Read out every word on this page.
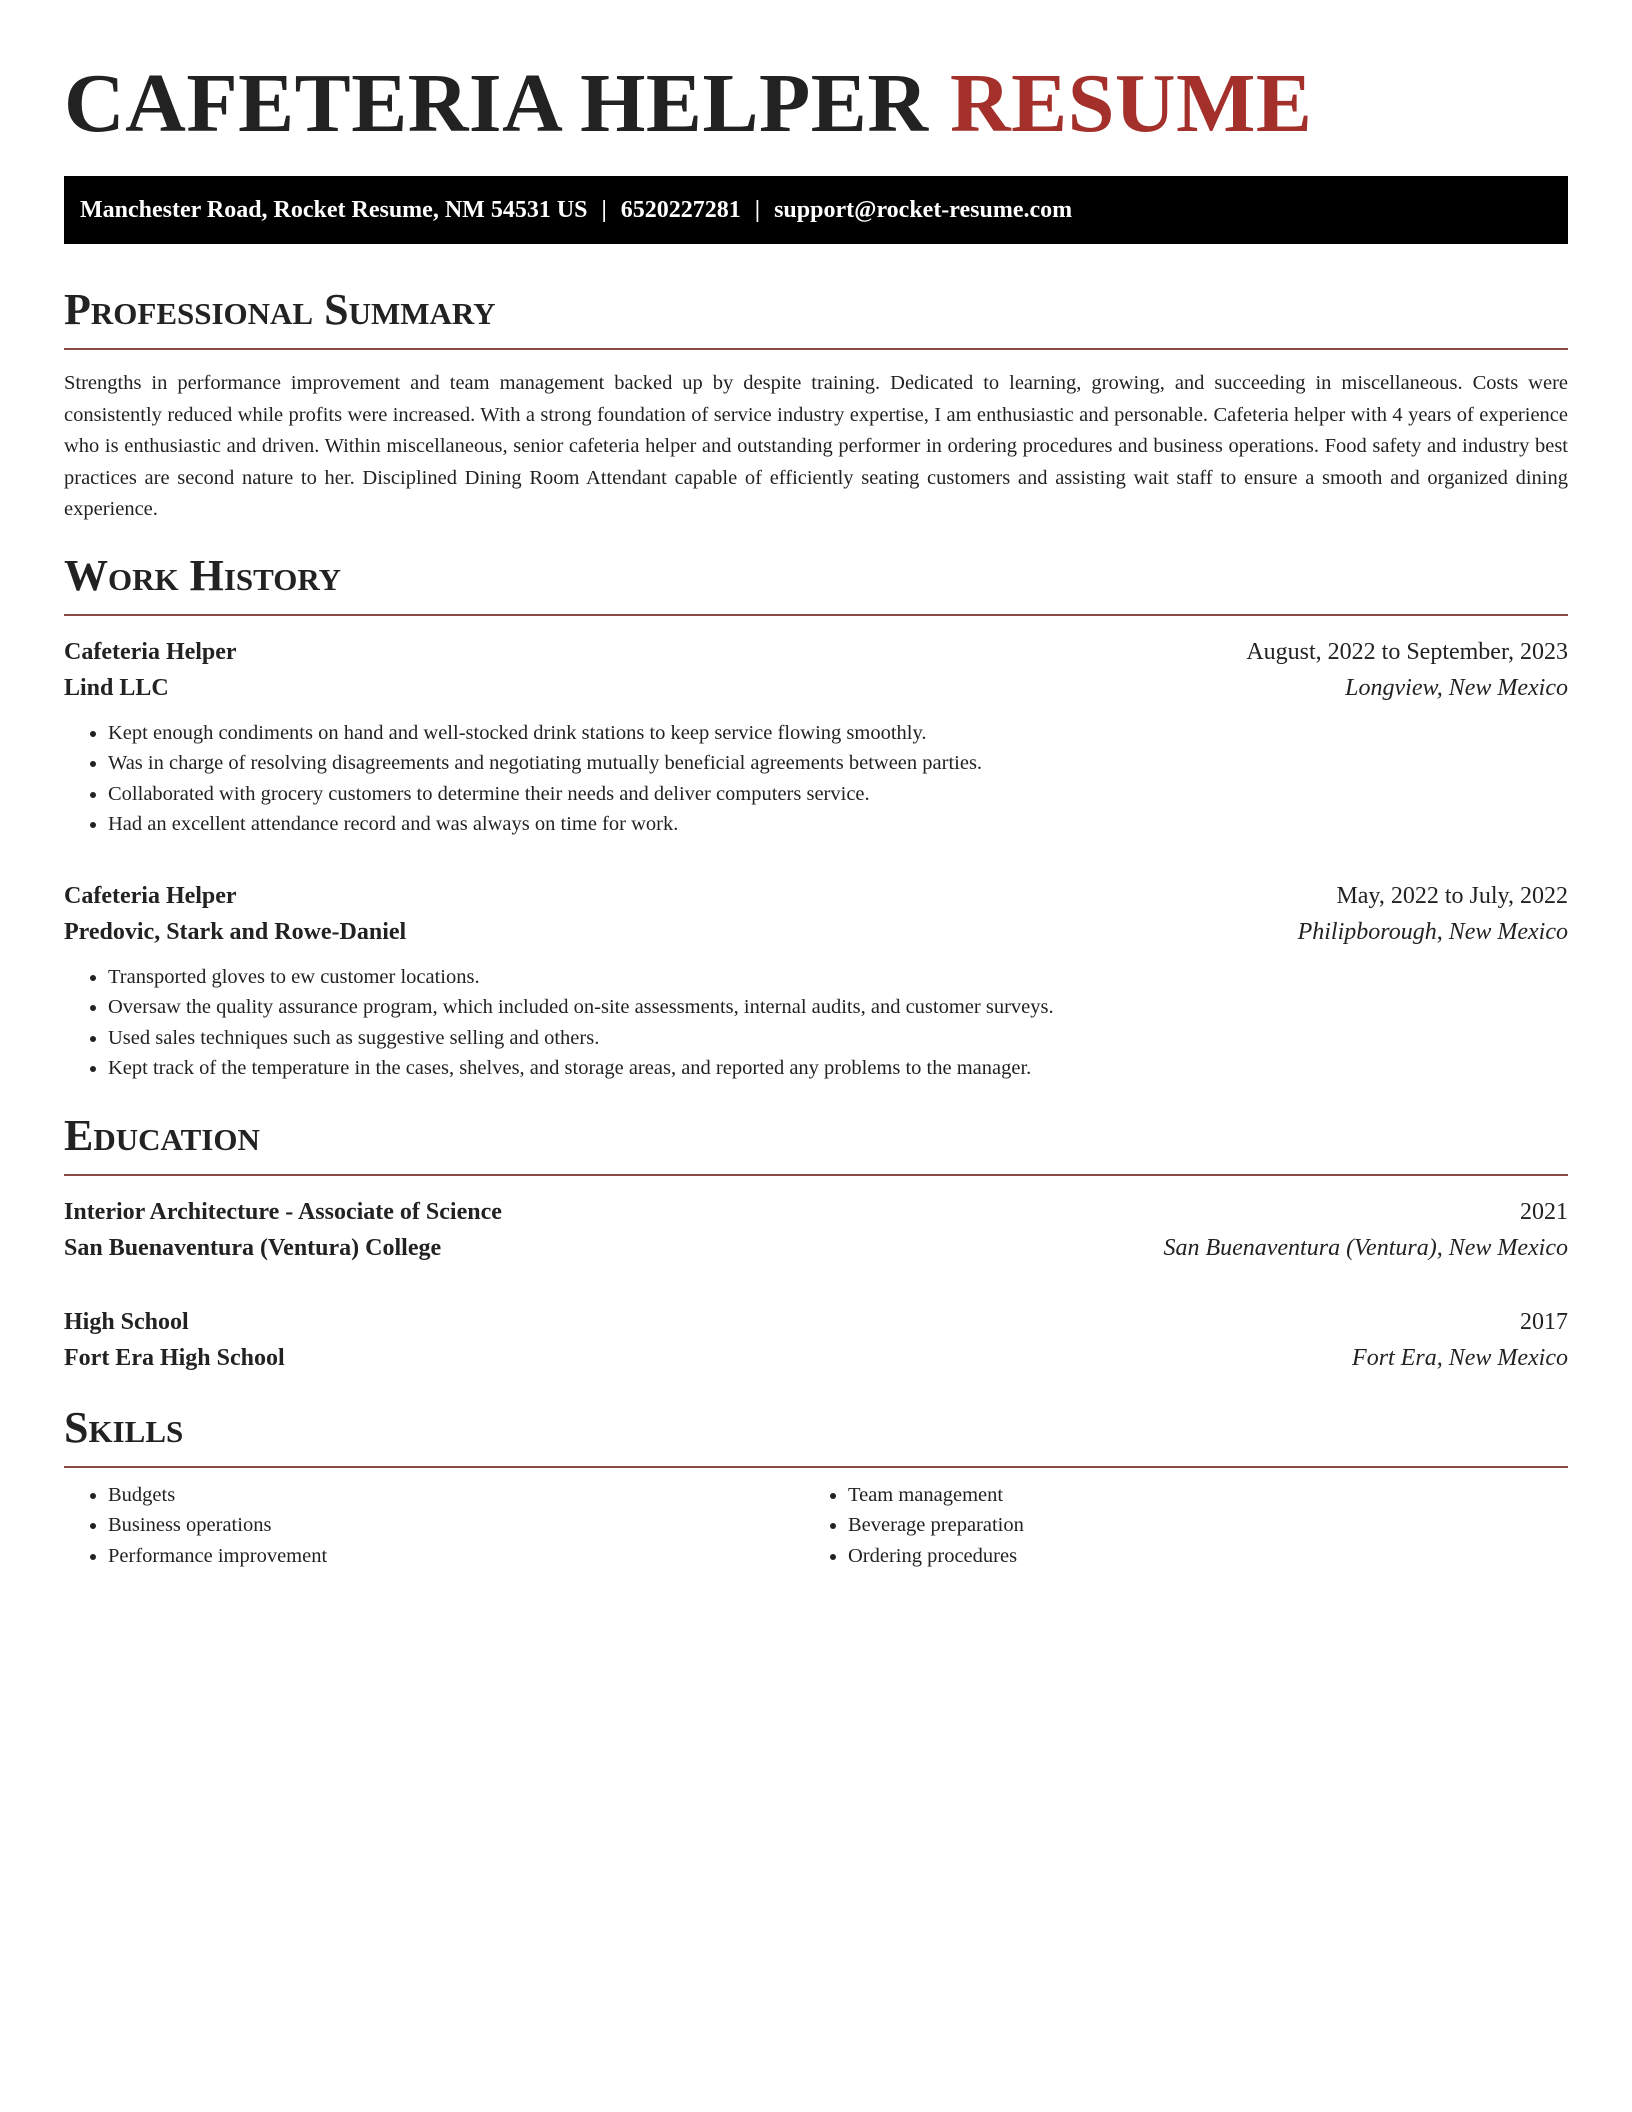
CAFETERIA HELPER RESUME
Manchester Road, Rocket Resume, NM 54531 US | 6520227281 | support@rocket-resume.com
Professional Summary

Strengths in performance improvement and team management backed up by despite training. Dedicated to learning, growing, and succeeding in miscellaneous. Costs were consistently reduced while profits were increased. With a strong foundation of service industry expertise, I am enthusiastic and personable. Cafeteria helper with 4 years of experience who is enthusiastic and driven. Within miscellaneous, senior cafeteria helper and outstanding performer in ordering procedures and business operations. Food safety and industry best practices are second nature to her. Disciplined Dining Room Attendant capable of efficiently seating customers and assisting wait staff to ensure a smooth and organized dining experience.

Work History
Cafeteria Helper	August, 2022 to September, 2023
Lind LLC	Longview, New Mexico
• Kept enough condiments on hand and well-stocked drink stations to keep service flowing smoothly.
• Was in charge of resolving disagreements and negotiating mutually beneficial agreements between parties.
• Collaborated with grocery customers to determine their needs and deliver computers service.
• Had an excellent attendance record and was always on time for work.
Cafeteria Helper	May, 2022 to July, 2022
Predovic, Stark and Rowe-Daniel	Philipborough, New Mexico
• Transported gloves to ew customer locations.
• Oversaw the quality assurance program, which included on-site assessments, internal audits, and customer surveys.
• Used sales techniques such as suggestive selling and others.
• Kept track of the temperature in the cases, shelves, and storage areas, and reported any problems to the manager.
Education
Interior Architecture - Associate of Science	2021
San Buenaventura (Ventura) College	San Buenaventura (Ventura), New Mexico
High School	2017
Fort Era High School	Fort Era, New Mexico
Skills
• Budgets
• Business operations
• Performance improvement
• Team management
• Beverage preparation
• Ordering procedures
